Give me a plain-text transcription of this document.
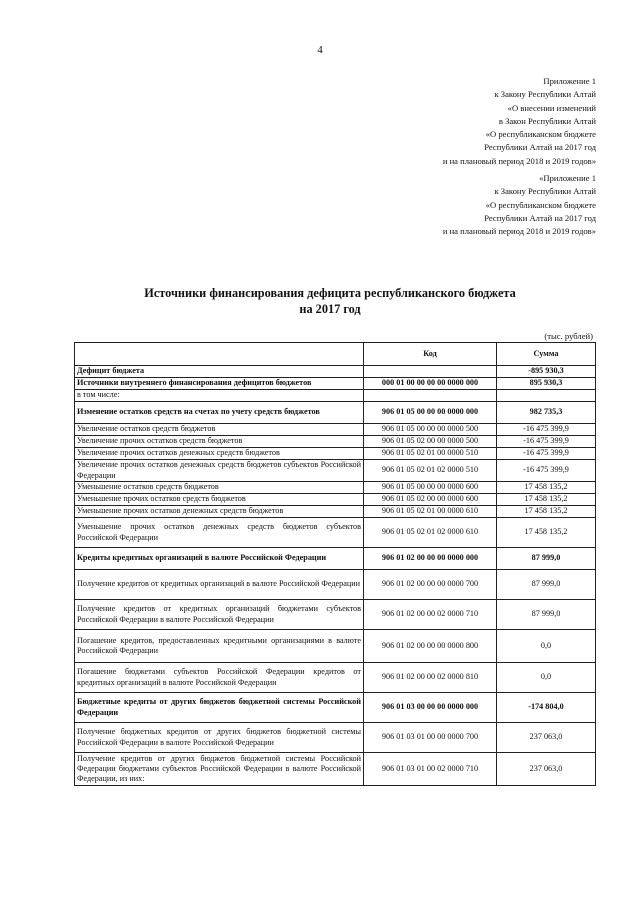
4
Приложение 1
к Закону Республики Алтай
«О внесении изменений
в Закон Республики Алтай
«О республиканском бюджете
Республики Алтай на 2017 год
и на плановый период 2018 и 2019 годов»
«Приложение 1
к Закону Республики Алтай
«О республиканском бюджете
Республики Алтай на 2017 год
и на плановый период 2018 и 2019 годов»
Источники финансирования дефицита республиканского бюджета
на 2017 год
(тыс. рублей)
	Код	Сумма
Дефицит бюджета		-895 930,3
Источники внутреннего финансирования дефицитов бюджетов	000 01 00 00 00 00 0000 000	895 930,3
в том числе:		
Изменение остатков средств на счетах по учету средств бюджетов	906 01 05 00 00 00 0000 000	982 735,3
Увеличение остатков средств бюджетов	906 01 05 00 00 00 0000 500	-16 475 399,9
Увеличение прочих остатков средств бюджетов	906 01 05 02 00 00 0000 500	-16 475 399,9
Увеличение прочих остатков денежных средств бюджетов	906 01 05 02 01 00 0000 510	-16 475 399,9
Увеличение прочих остатков денежных средств бюджетов субъектов Российской Федерации	906 01 05 02 01 02 0000 510	-16 475 399,9
Уменьшение остатков средств бюджетов	906 01 05 00 00 00 0000 600	17 458 135,2
Уменьшение прочих остатков средств бюджетов	906 01 05 02 00 00 0000 600	17 458 135,2
Уменьшение прочих остатков денежных средств бюджетов	906 01 05 02 01 00 0000 610	17 458 135,2
Уменьшение прочих остатков денежных средств бюджетов субъектов Российской Федерации	906 01 05 02 01 02 0000 610	17 458 135,2
Кредиты кредитных организаций в валюте Российской Федерации	906 01 02 00 00 00 0000 000	87 999,0
Получение кредитов от кредитных организаций в валюте Российской Федерации	906 01 02 00 00 00 0000 700	87 999,0
Получение кредитов от кредитных организаций бюджетами субъектов Российской Федерации в валюте Российской Федерации	906 01 02 00 00 02 0000 710	87 999,0
Погашение кредитов, предоставленных кредитными организациями в валюте Российской Федерации	906 01 02 00 00 00 0000 800	0,0
Погашение бюджетами субъектов Российской Федерации кредитов от кредитных организаций в валюте Российской Федерации	906 01 02 00 00 02 0000 810	0,0
Бюджетные кредиты от других бюджетов бюджетной системы Российской Федерации	906 01 03 00 00 00 0000 000	-174 804,0
Получение бюджетных кредитов от других бюджетов бюджетной системы Российской Федерации в валюте Российской Федерации	906 01 03 01 00 00 0000 700	237 063,0
Получение кредитов от других бюджетов бюджетной системы Российской Федерации бюджетами субъектов Российской Федерации в валюте Российской Федерации, из них:	906 01 03 01 00 02 0000 710	237 063,0
